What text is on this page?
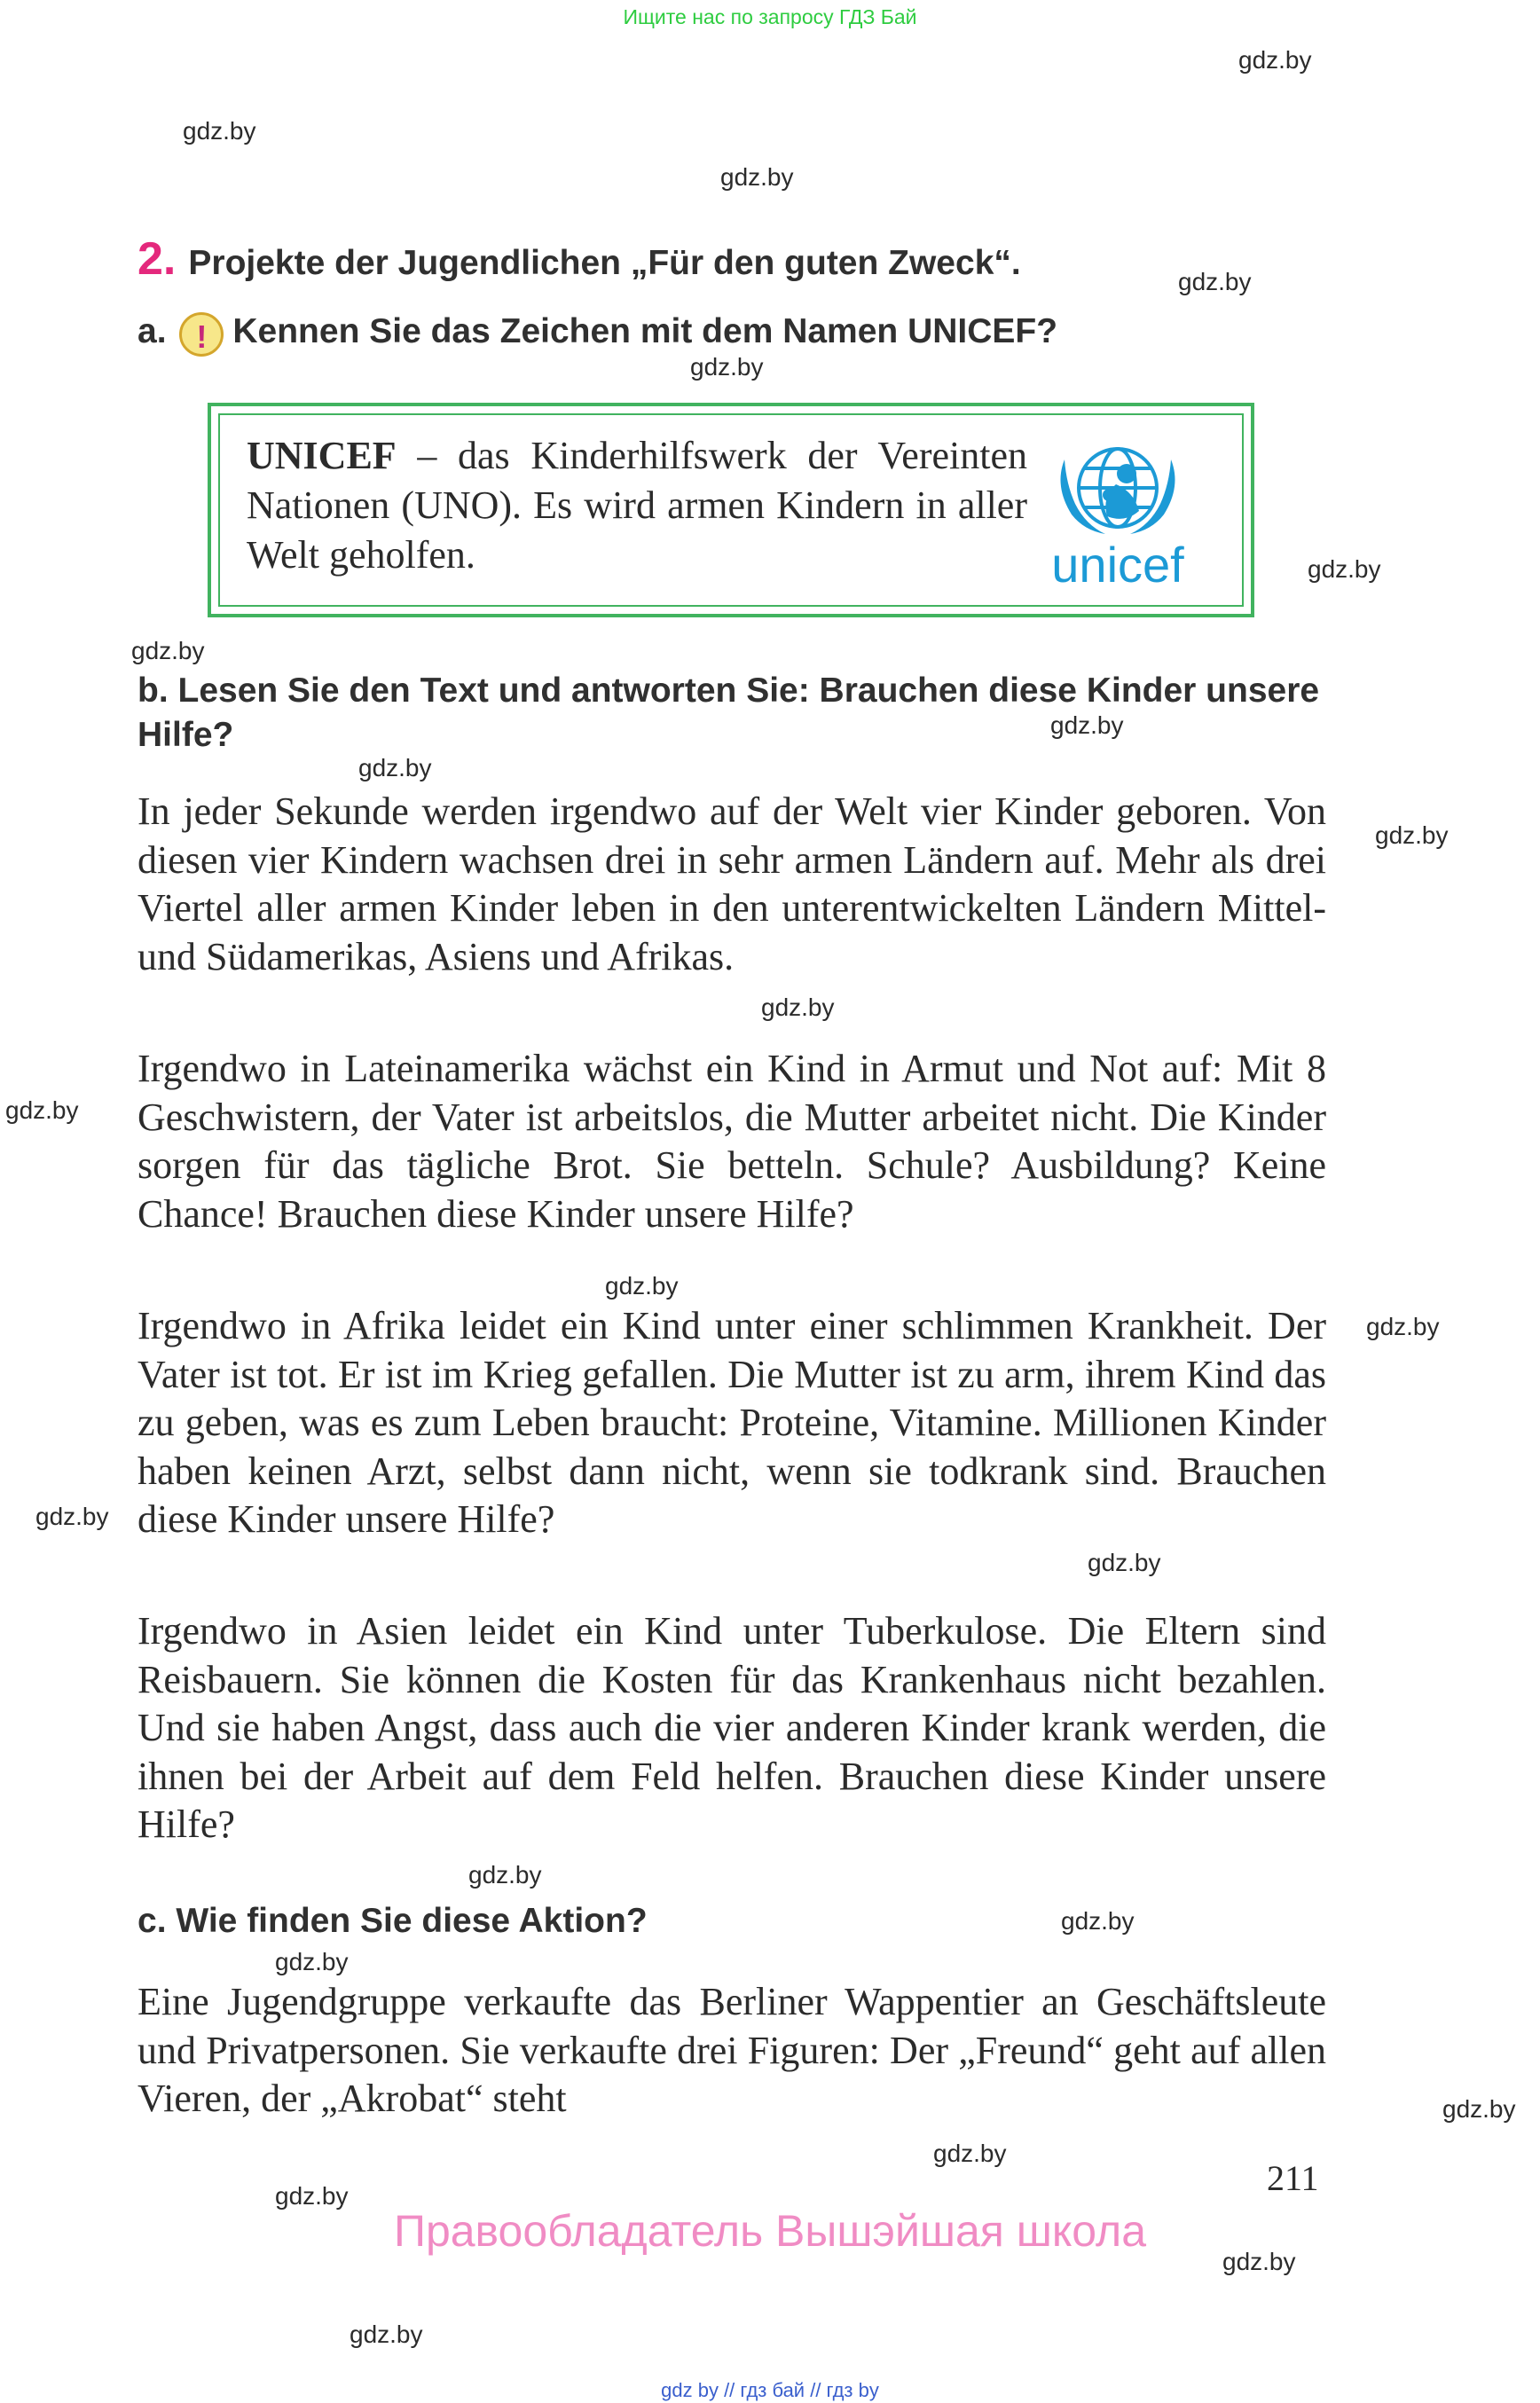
Ищите нас по запросу ГДЗ Бай
gdz.by
gdz.by
gdz.by
gdz.by
gdz.by
gdz.by
gdz.by
gdz.by
gdz.by
gdz.by
gdz.by
gdz.by
gdz.by
gdz.by
gdz.by
gdz.by
gdz.by
gdz.by
gdz.by
gdz.by
gdz.by
gdz.by
gdz.by
gdz.by
2. Projekte der Jugendlichen „Für den guten Zweck“.
a. ! Kennen Sie das Zeichen mit dem Namen UNICEF?
UNICEF – das Kinderhilfswerk der Vereinten Nationen (UNO). Es wird armen Kindern in aller Welt geholfen.	unicef
b. Lesen Sie den Text und antworten Sie: Brauchen diese Kinder unsere Hilfe?
In jeder Sekunde werden irgendwo auf der Welt vier Kinder geboren. Von diesen vier Kindern wachsen drei in sehr armen Ländern auf. Mehr als drei Viertel aller armen Kinder leben in den unterentwickelten Ländern Mittel- und Südamerikas, Asiens und Afrikas.
Irgendwo in Lateinamerika wächst ein Kind in Armut und Not auf: Mit 8 Geschwistern, der Vater ist arbeitslos, die Mutter arbeitet nicht. Die Kinder sorgen für das tägliche Brot. Sie betteln. Schule? Ausbildung? Keine Chance! Brauchen diese Kinder unsere Hilfe?
Irgendwo in Afrika leidet ein Kind unter einer schlimmen Krankheit. Der Vater ist tot. Er ist im Krieg gefallen. Die Mutter ist zu arm, ihrem Kind das zu geben, was es zum Leben braucht: Proteine, Vitamine. Millionen Kinder haben keinen Arzt, selbst dann nicht, wenn sie todkrank sind. Brauchen diese Kinder unsere Hilfe?
Irgendwo in Asien leidet ein Kind unter Tuberkulose. Die Eltern sind Reisbauern. Sie können die Kosten für das Krankenhaus nicht bezahlen. Und sie haben Angst, dass auch die vier anderen Kinder krank werden, die ihnen bei der Arbeit auf dem Feld helfen. Brauchen diese Kinder unsere Hilfe?
c. Wie finden Sie diese Aktion?
Eine Jugendgruppe verkaufte das Berliner Wappentier an Geschäftsleute und Privatpersonen. Sie verkaufte drei Figuren: Der „Freund“ geht auf allen Vieren, der „Akrobat“ steht
211
Правообладатель Вышэйшая школа
gdz by // гдз бай // гдз by
